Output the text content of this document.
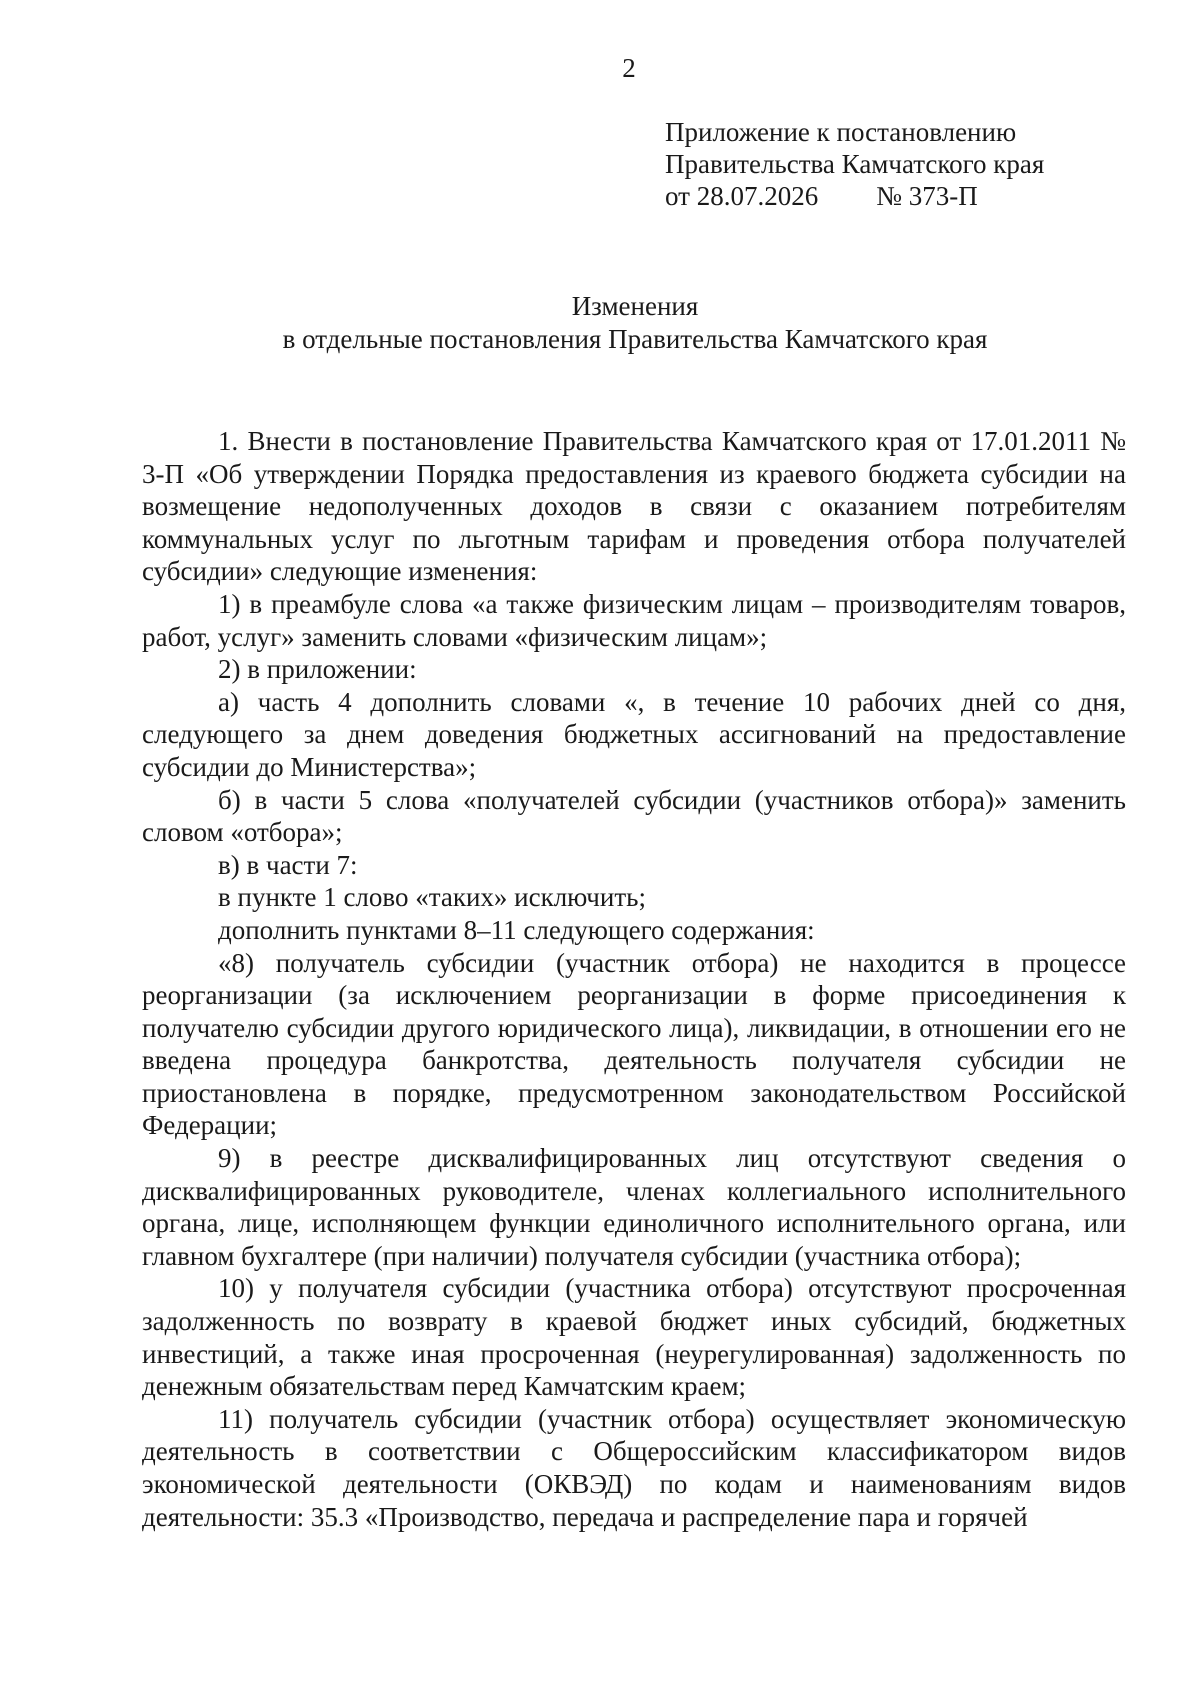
2
Приложение к постановлению
Правительства Камчатского края
от 28.07.2026 № 373-П
Изменения
в отдельные постановления Правительства Камчатского края

1. Внести в постановление Правительства Камчатского края от 17.01.2011 № 3-П «Об утверждении Порядка предоставления из краевого бюджета субсидии на возмещение недополученных доходов в связи с оказанием потребителям коммунальных услуг по льготным тарифам и проведения отбора получателей субсидии» следующие изменения:

1) в преамбуле слова «а также физическим лицам – производителям товаров, работ, услуг» заменить словами «физическим лицам»;

2) в приложении:

а) часть 4 дополнить словами «, в течение 10 рабочих дней со дня, следующего за днем доведения бюджетных ассигнований на предоставление субсидии до Министерства»;

б) в части 5 слова «получателей субсидии (участников отбора)» заменить словом «отбора»;

в) в части 7:

в пункте 1 слово «таких» исключить;

дополнить пунктами 8–11 следующего содержания:

«8) получатель субсидии (участник отбора) не находится в процессе реорганизации (за исключением реорганизации в форме присоединения к получателю субсидии другого юридического лица), ликвидации, в отношении его не введена процедура банкротства, деятельность получателя субсидии не приостановлена в порядке, предусмотренном законодательством Российской Федерации;

9) в реестре дисквалифицированных лиц отсутствуют сведения о дисквалифицированных руководителе, членах коллегиального исполнительного органа, лице, исполняющем функции единоличного исполнительного органа, или главном бухгалтере (при наличии) получателя субсидии (участника отбора);

10) у получателя субсидии (участника отбора) отсутствуют просроченная задолженность по возврату в краевой бюджет иных субсидий, бюджетных инвестиций, а также иная просроченная (неурегулированная) задолженность по денежным обязательствам перед Камчатским краем;

11) получатель субсидии (участник отбора) осуществляет экономическую деятельность в соответствии с Общероссийским классификатором видов экономической деятельности (ОКВЭД) по кодам и наименованиям видов деятельности: 35.3 «Производство, передача и распределение пара и горячей
